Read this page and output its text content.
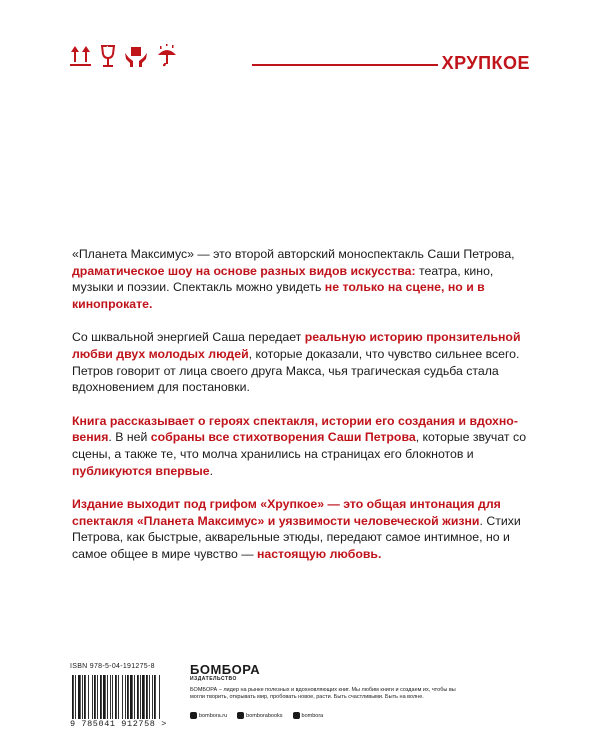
ХРУПКОЕ

«Планета Максимус» — это второй авторский моноспектакль Саши Петрова, драматическое шоу на основе разных видов искусства: театра, кино, музыки и поэзии. Спектакль можно увидеть не только на сцене, но и в кинопрокате.

Со шквальной энергией Саша передает реальную историю пронзительной любви двух молодых людей, которые доказали, что чувство сильнее всего. Петров говорит от лица своего друга Макса, чья трагическая судьба стала вдохновением для постановки.

Книга рассказывает о героях спектакля, истории его создания и вдохновения. В ней собраны все стихотворения Саши Петрова, которые звучат со сцены, а также те, что молча хранились на страницах его блокнотов и публикуются впервые.

Издание выходит под грифом «Хрупкое» — это общая интонация для спектакля «Планета Максимус» и уязвимости человеческой жизни. Стихи Петрова, как быстрые, акварельные этюды, передают самое интимное, но и самое общее в мире чувство — настоящую любовь.

ISBN 978-5-04-191275-8
9 785041 912758 >
БОМБОРА
ИЗДАТЕЛЬСТВО
БОМБОРА – лидер на рынке полезных и вдохновляющих книг. Мы любим книги и создаем их, чтобы вы могли творить, открывать мир, пробовать новое, расти. Быть счастливыми. Быть на волне.
bombora.ru	bomborabooks	bombora
